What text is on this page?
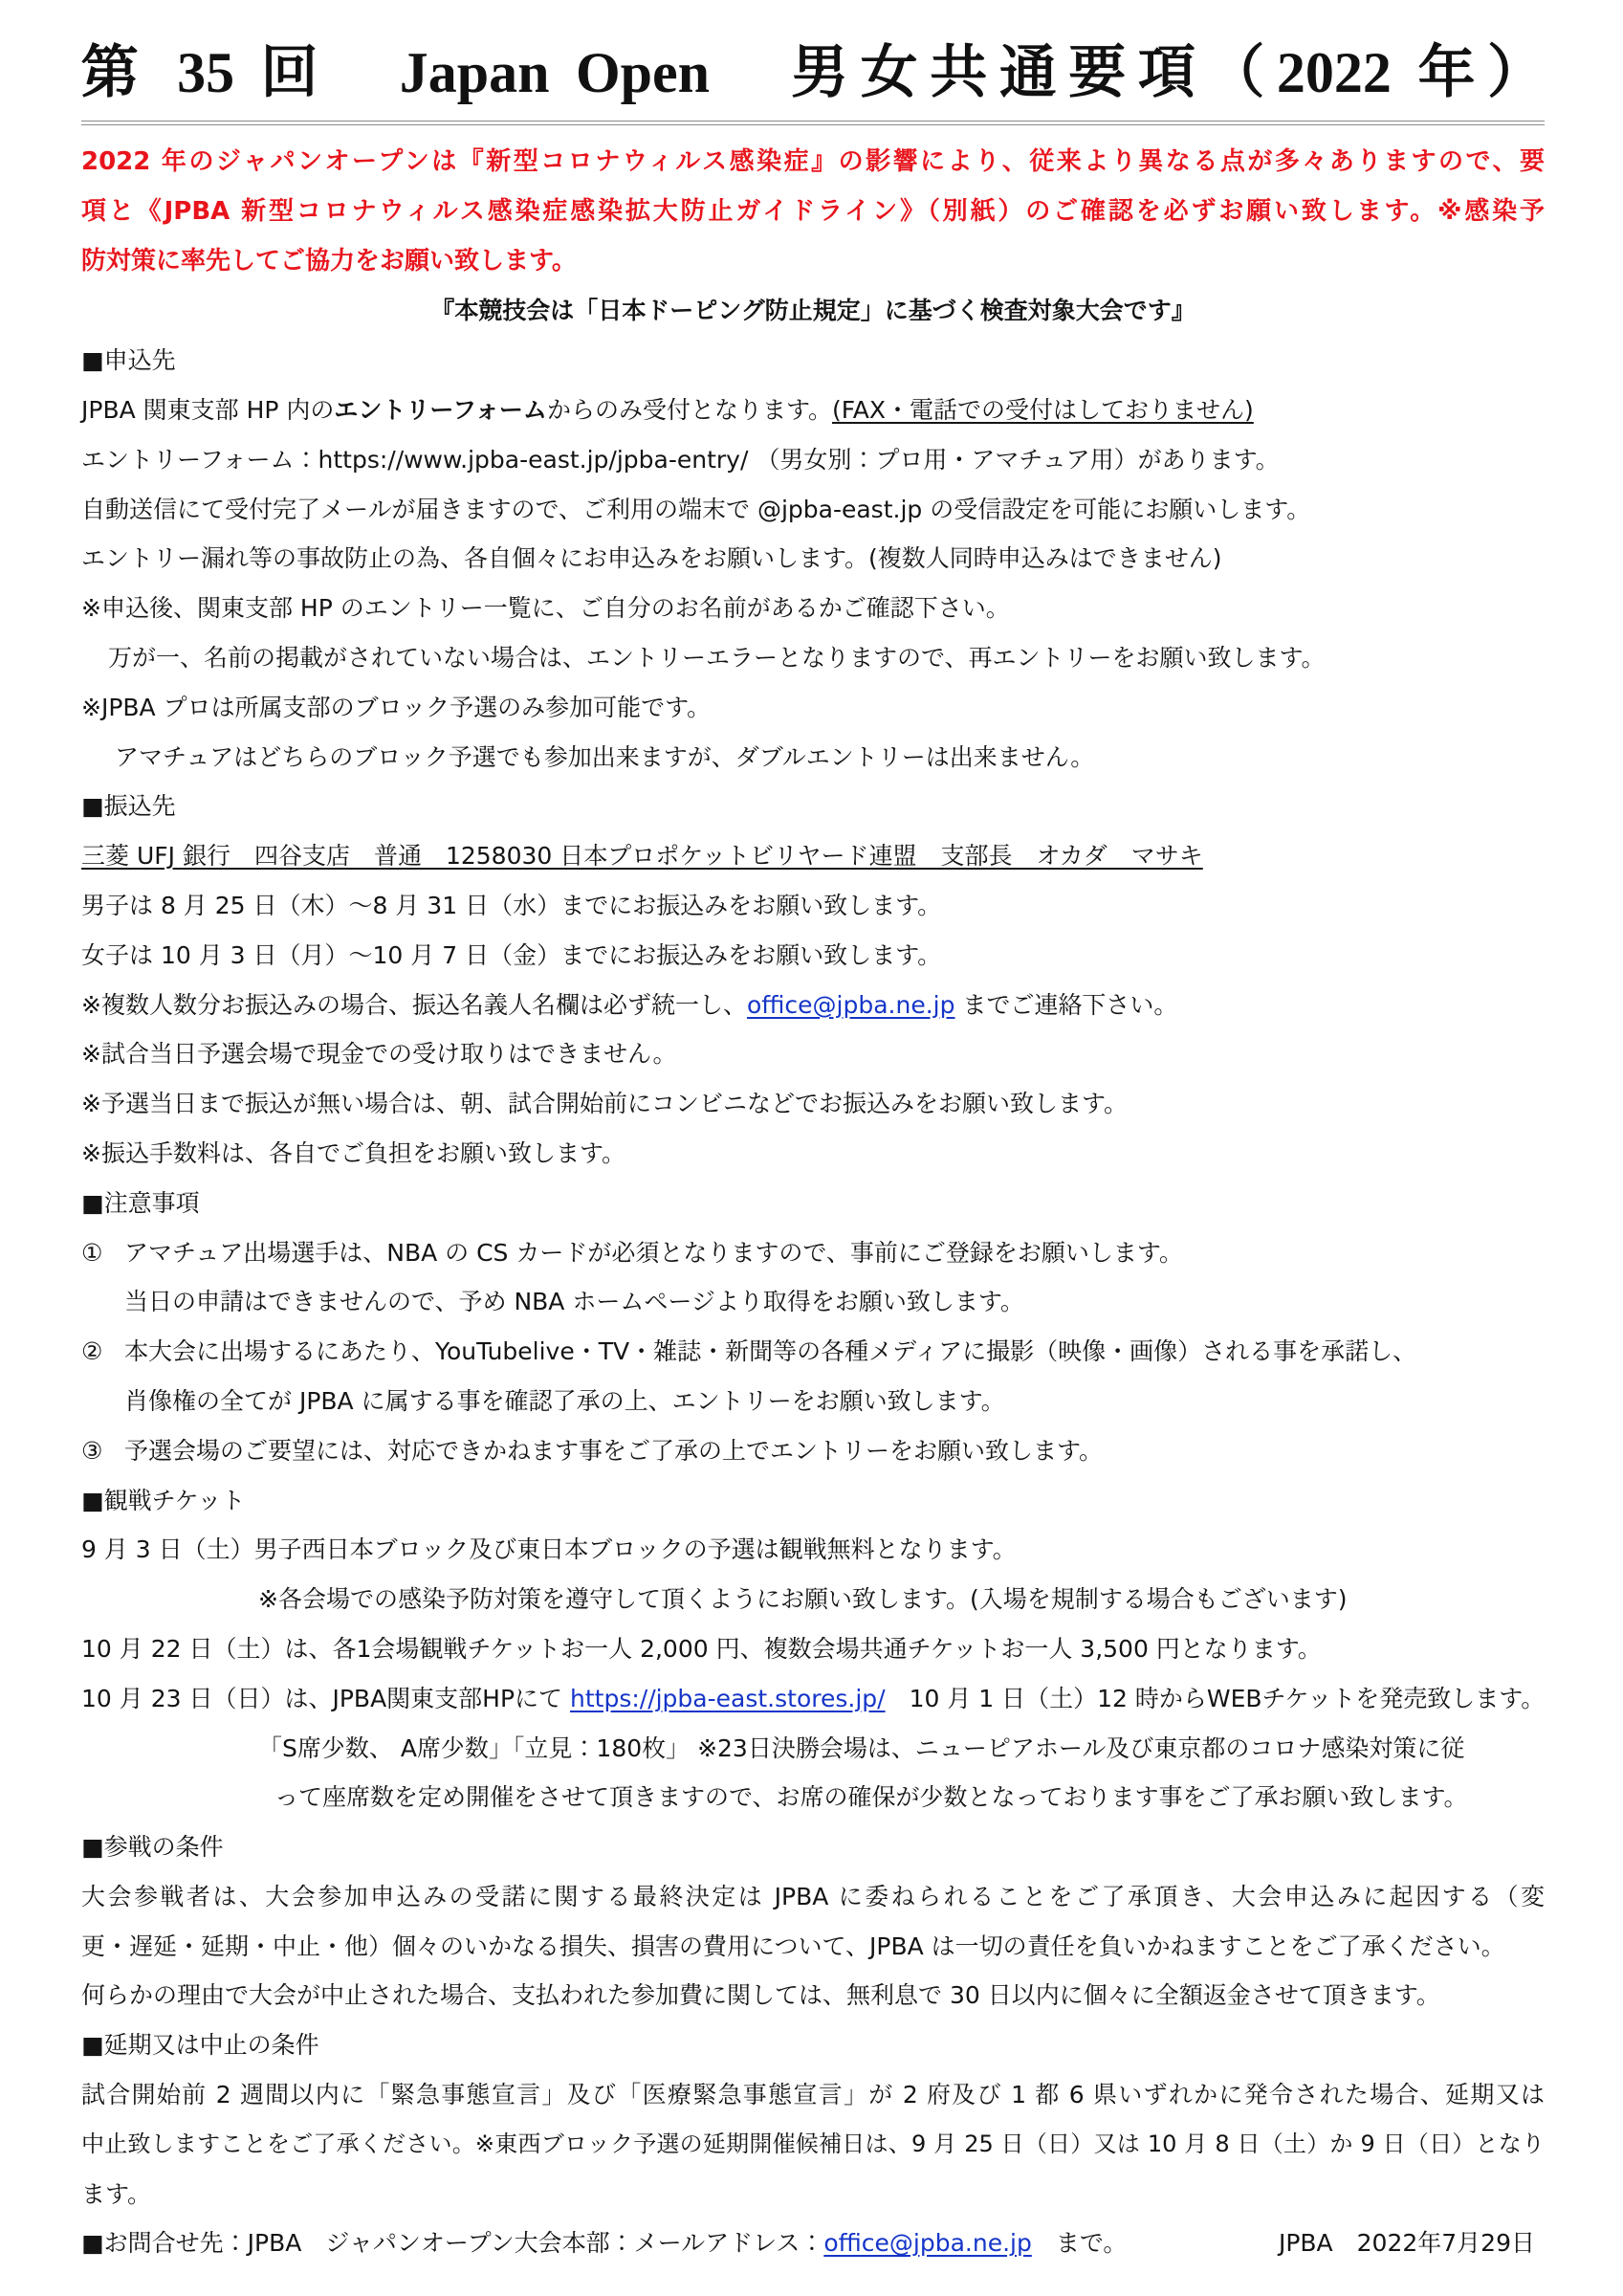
第 35 回　Japan Open　男女共通要項（2022 年）
2022 年のジャパンオープンは『新型コロナウィルス感染症』の影響により、従来より異なる点が多々ありますので、要
項と《JPBA 新型コロナウィルス感染症感染拡大防止ガイドライン》（別紙）のご確認を必ずお願い致します。※感染予
防対策に率先してご協力をお願い致します。
『本競技会は「日本ドーピング防止規定」に基づく検査対象大会です』
■申込先
JPBA 関東支部 HP 内のエントリーフォームからのみ受付となります。(FAX・電話での受付はしておりません)
エントリーフォーム：https://www.jpba-east.jp/jpba-entry/ （男女別：プロ用・アマチュア用）があります。
自動送信にて受付完了メールが届きますので、ご利用の端末で @jpba-east.jp の受信設定を可能にお願いします。
エントリー漏れ等の事故防止の為、各自個々にお申込みをお願いします。(複数人同時申込みはできません)
※申込後、関東支部 HP のエントリー一覧に、ご自分のお名前があるかご確認下さい。
万が一、名前の掲載がされていない場合は、エントリーエラーとなりますので、再エントリーをお願い致します。
※JPBA プロは所属支部のブロック予選のみ参加可能です。
アマチュアはどちらのブロック予選でも参加出来ますが、ダブルエントリーは出来ません。
■振込先
三菱 UFJ 銀行　四谷支店　普通　1258030 日本プロポケットビリヤード連盟　支部長　オカダ　マサキ
男子は 8 月 25 日（木）～8 月 31 日（水）までにお振込みをお願い致します。
女子は 10 月 3 日（月）～10 月 7 日（金）までにお振込みをお願い致します。
※複数人数分お振込みの場合、振込名義人名欄は必ず統一し、office@jpba.ne.jp までご連絡下さい。
※試合当日予選会場で現金での受け取りはできません。
※予選当日まで振込が無い場合は、朝、試合開始前にコンビニなどでお振込みをお願い致します。
※振込手数料は、各自でご負担をお願い致します。
■注意事項
① アマチュア出場選手は、NBA の CS カードが必須となりますので、事前にご登録をお願いします。
当日の申請はできませんので、予め NBA ホームページより取得をお願い致します。
② 本大会に出場するにあたり、YouTubelive・TV・雑誌・新聞等の各種メディアに撮影（映像・画像）される事を承諾し、
肖像権の全てが JPBA に属する事を確認了承の上、エントリーをお願い致します。
③ 予選会場のご要望には、対応できかねます事をご了承の上でエントリーをお願い致します。
■観戦チケット
9 月 3 日（土）男子西日本ブロック及び東日本ブロックの予選は観戦無料となります。
※各会場での感染予防対策を遵守して頂くようにお願い致します。(入場を規制する場合もございます)
10 月 22 日（土）は、各1会場観戦チケットお一人 2,000 円、複数会場共通チケットお一人 3,500 円となります。
10 月 23 日（日）は、JPBA関東支部HPにて https://jpba-east.stores.jp/　10 月 1 日（土）12 時からWEBチケットを発売致します。
「S席少数、 A席少数」「立見：180枚」 ※23日決勝会場は、ニューピアホール及び東京都のコロナ感染対策に従
って座席数を定め開催をさせて頂きますので、お席の確保が少数となっております事をご了承お願い致します。
■参戦の条件
大会参戦者は、大会参加申込みの受諾に関する最終決定は JPBA に委ねられることをご了承頂き、大会申込みに起因する（変
更・遅延・延期・中止・他）個々のいかなる損失、損害の費用について、JPBA は一切の責任を負いかねますことをご了承ください。
何らかの理由で大会が中止された場合、支払われた参加費に関しては、無利息で 30 日以内に個々に全額返金させて頂きます。
■延期又は中止の条件
試合開始前 2 週間以内に「緊急事態宣言」及び「医療緊急事態宣言」が 2 府及び 1 都 6 県いずれかに発令された場合、延期又は
中止致しますことをご了承ください。※東西ブロック予選の延期開催候補日は、9 月 25 日（日）又は 10 月 8 日（土）か 9 日（日）となり
ます。
■お問合せ先：JPBA　ジャパンオープン大会本部：メールアドレス：office@jpba.ne.jp　まで。	JPBA　2022年7月29日
